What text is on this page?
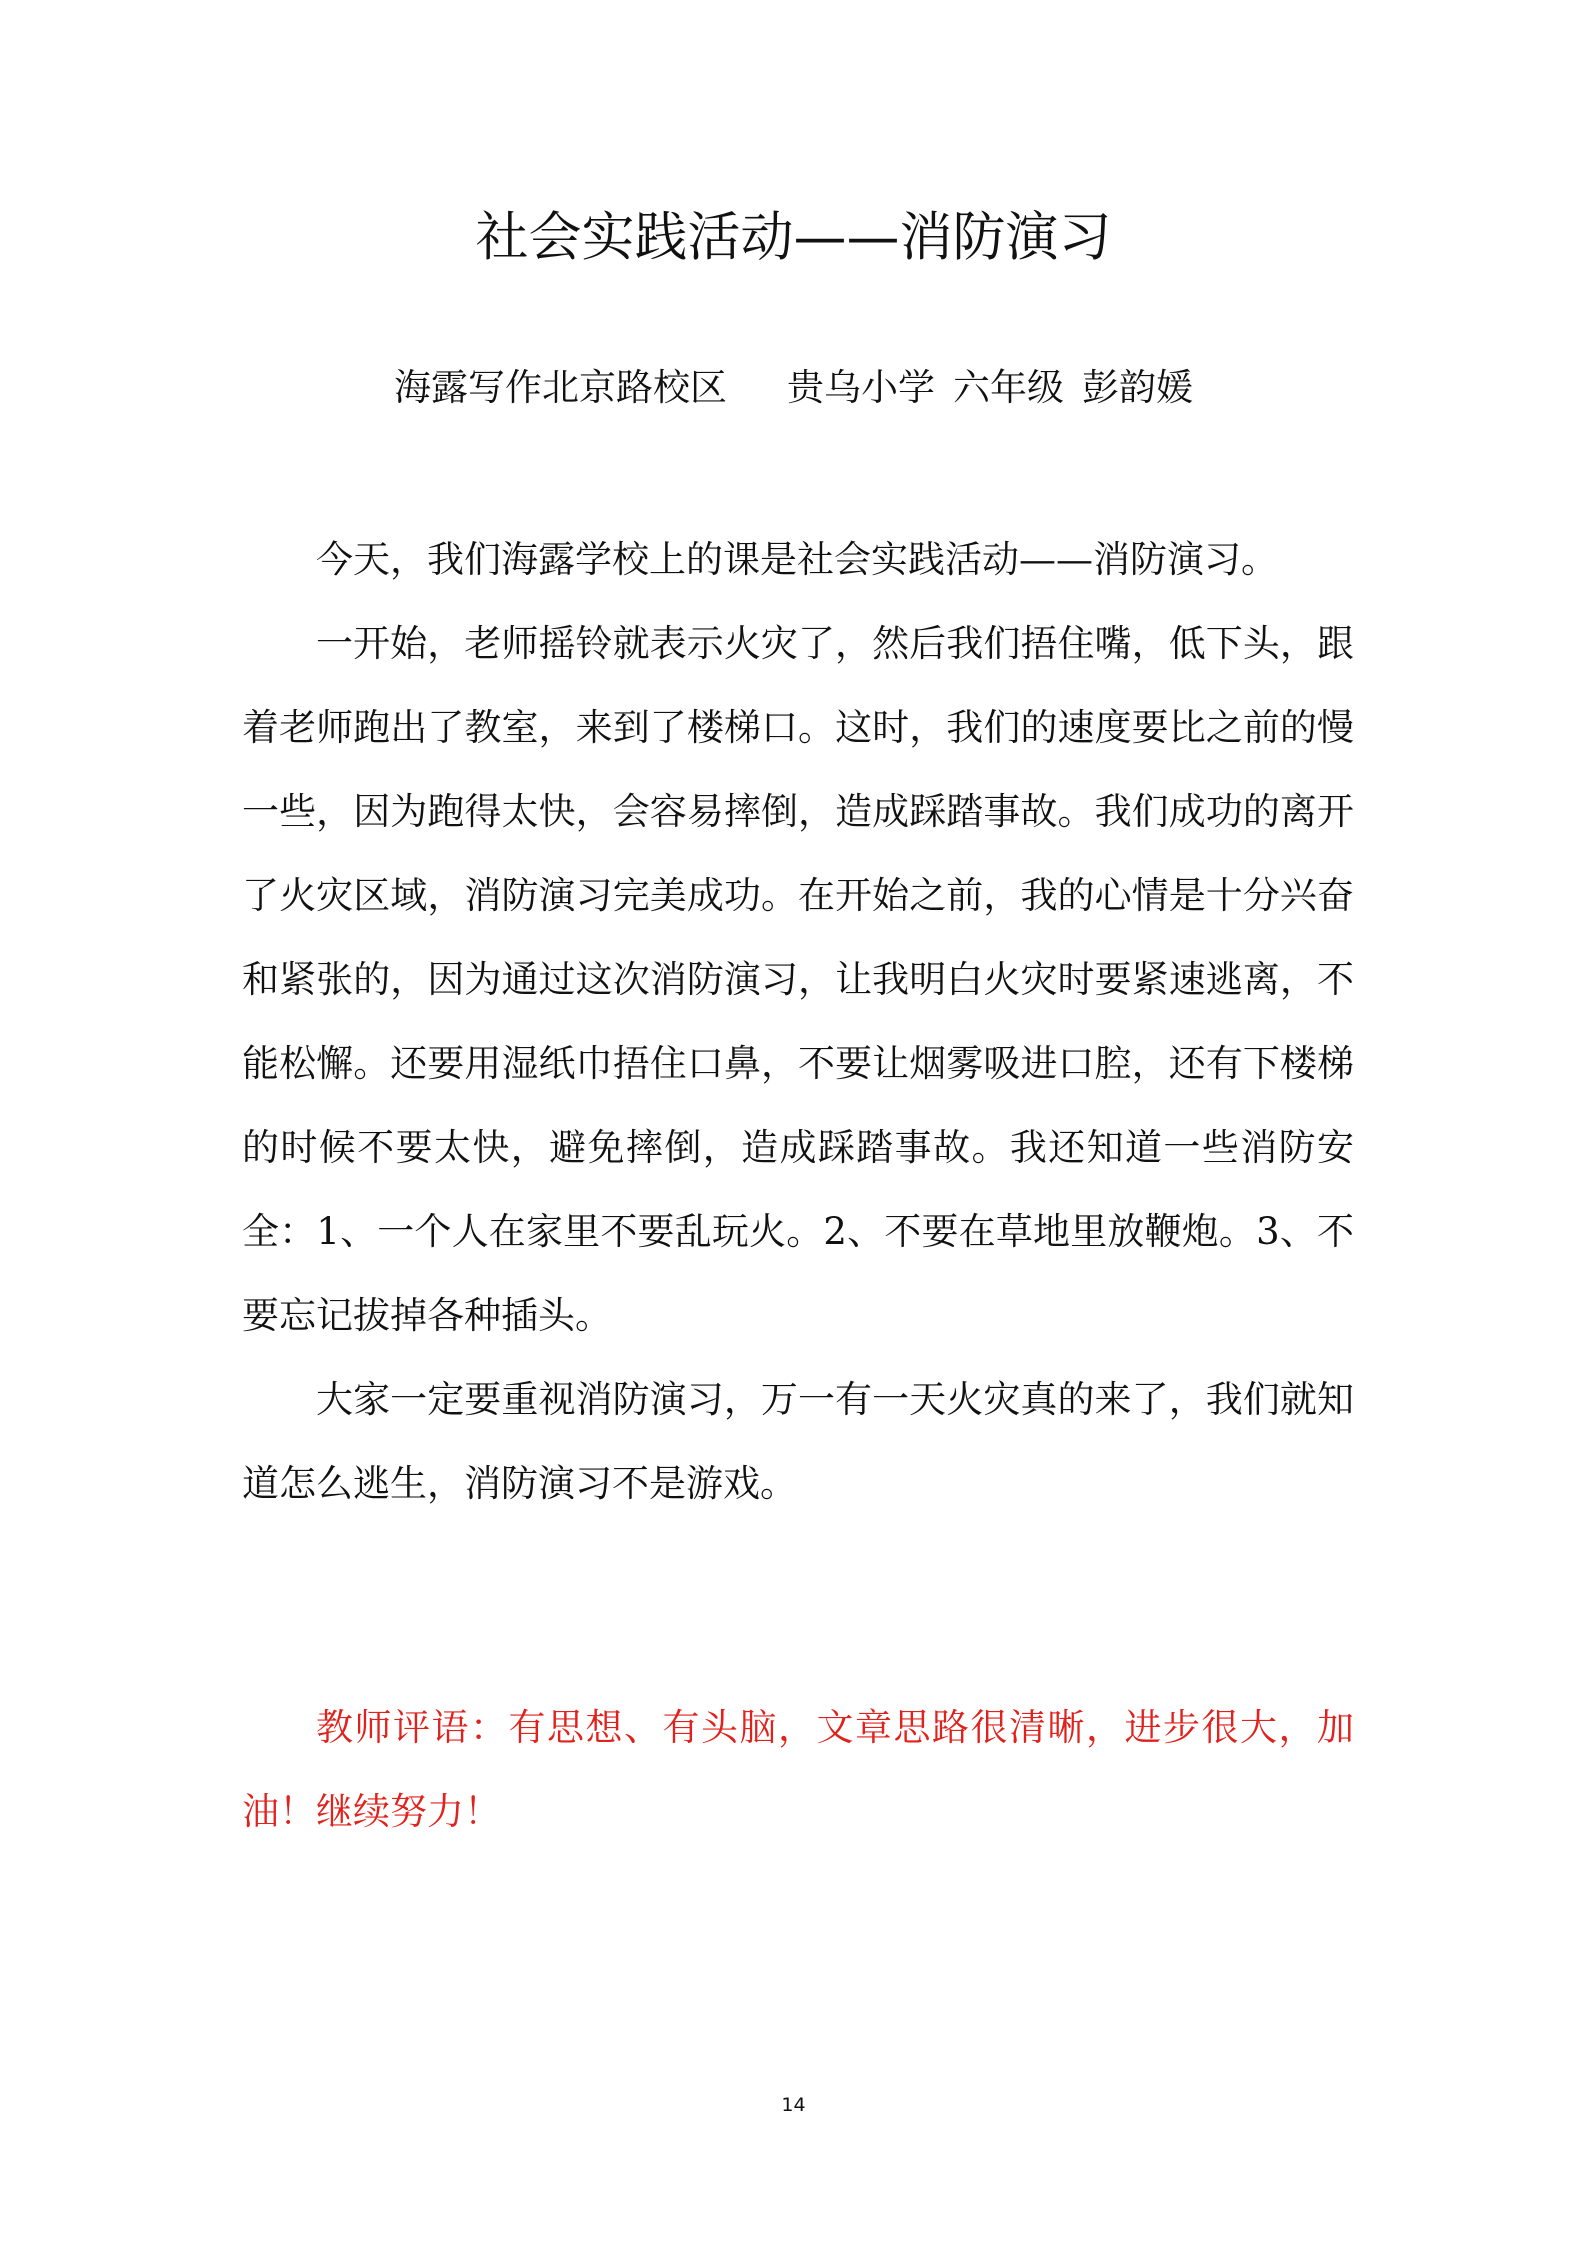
社会实践活动——消防演习
海露写作北京路校区 贵乌小学 六年级 彭韵媛

今天，我们海露学校上的课是社会实践活动——消防演习。

一开始，老师摇铃就表示火灾了，然后我们捂住嘴，低下头，跟着老师跑出了教室，来到了楼梯口。这时，我们的速度要比之前的慢一些，因为跑得太快，会容易摔倒，造成踩踏事故。我们成功的离开了火灾区域，消防演习完美成功。在开始之前，我的心情是十分兴奋和紧张的，因为通过这次消防演习，让我明白火灾时要紧速逃离，不能松懈。还要用湿纸巾捂住口鼻，不要让烟雾吸进口腔，还有下楼梯的时候不要太快，避免摔倒，造成踩踏事故。我还知道一些消防安全：1、一个人在家里不要乱玩火。2、不要在草地里放鞭炮。3、不要忘记拔掉各种插头。

大家一定要重视消防演习，万一有一天火灾真的来了，我们就知道怎么逃生，消防演习不是游戏。

教师评语：有思想、有头脑，文章思路很清晰，进步很大，加油！继续努力！

14
